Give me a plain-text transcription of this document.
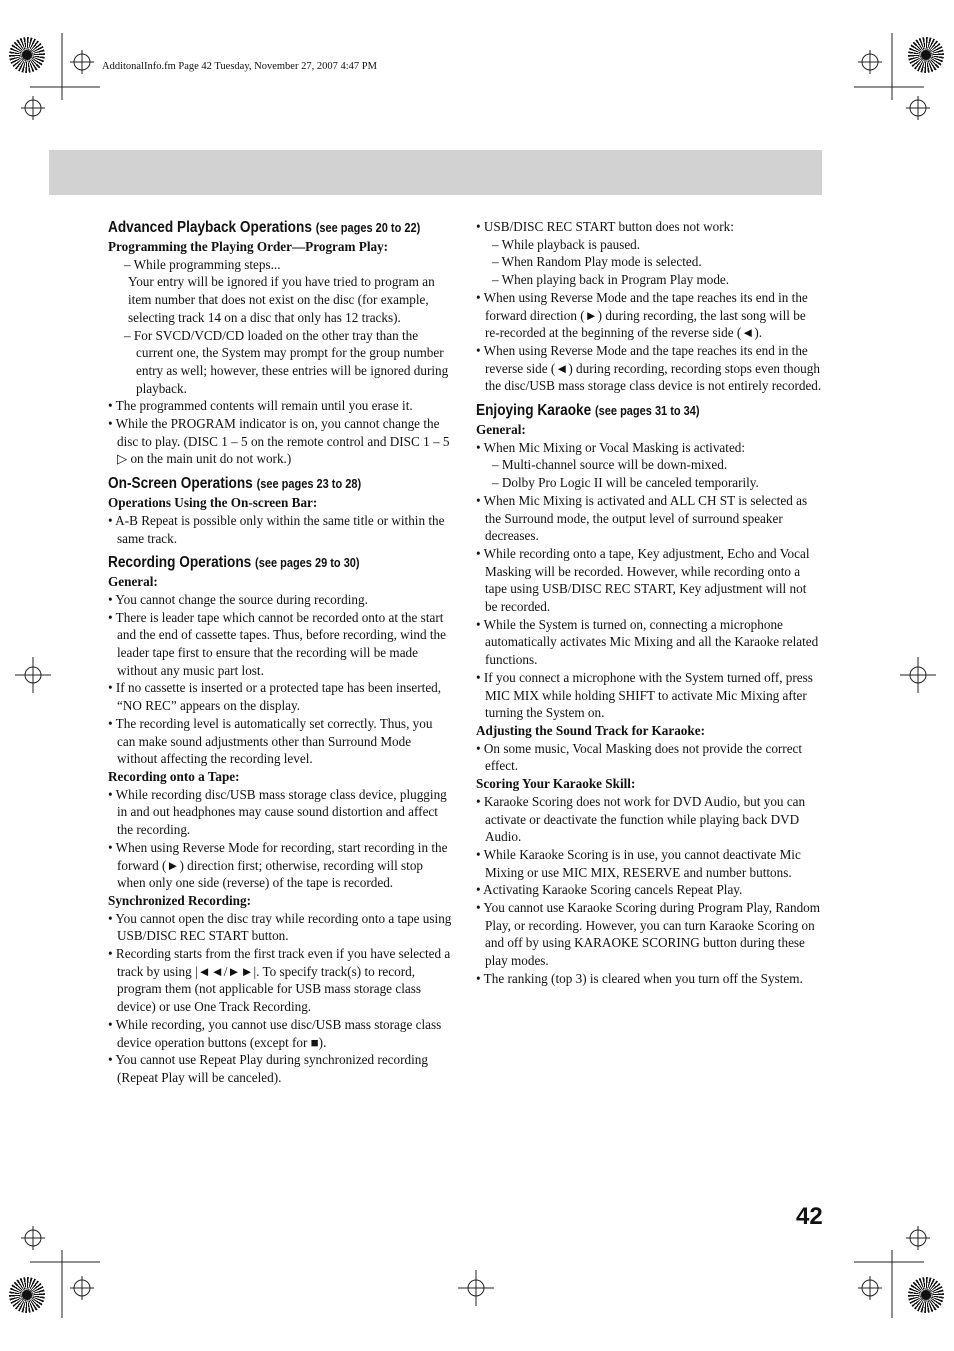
AdditonalInfo.fm Page 42 Tuesday, November 27, 2007 4:47 PM
Advanced Playback Operations (see pages 20 to 22)
Programming the Playing Order—Program Play:
– While programming steps...
Your entry will be ignored if you have tried to program an item number that does not exist on the disc (for example, selecting track 14 on a disc that only has 12 tracks).
– For SVCD/VCD/CD loaded on the other tray than the current one, the System may prompt for the group number entry as well; however, these entries will be ignored during playback.
• The programmed contents will remain until you erase it.
• While the PROGRAM indicator is on, you cannot change the disc to play. (DISC 1 – 5 on the remote control and DISC 1 – 5 ▷ on the main unit do not work.)
On-Screen Operations (see pages 23 to 28)
Operations Using the On-screen Bar:
• A-B Repeat is possible only within the same title or within the same track.
Recording Operations (see pages 29 to 30)
General:
• You cannot change the source during recording.
• There is leader tape which cannot be recorded onto at the start and the end of cassette tapes. Thus, before recording, wind the leader tape first to ensure that the recording will be made without any music part lost.
• If no cassette is inserted or a protected tape has been inserted, “NO REC” appears on the display.
• The recording level is automatically set correctly. Thus, you can make sound adjustments other than Surround Mode without affecting the recording level.
Recording onto a Tape:
• While recording disc/USB mass storage class device, plugging in and out headphones may cause sound distortion and affect the recording.
• When using Reverse Mode for recording, start recording in the forward (►) direction first; otherwise, recording will stop when only one side (reverse) of the tape is recorded.
Synchronized Recording:
• You cannot open the disc tray while recording onto a tape using USB/DISC REC START button.
• Recording starts from the first track even if you have selected a track by using |◄◄/►►|. To specify track(s) to record, program them (not applicable for USB mass storage class device) or use One Track Recording.
• While recording, you cannot use disc/USB mass storage class device operation buttons (except for ■).
• You cannot use Repeat Play during synchronized recording (Repeat Play will be canceled).
• USB/DISC REC START button does not work:
– While playback is paused.
– When Random Play mode is selected.
– When playing back in Program Play mode.
• When using Reverse Mode and the tape reaches its end in the forward direction (►) during recording, the last song will be re-recorded at the beginning of the reverse side (◄).
• When using Reverse Mode and the tape reaches its end in the reverse side (◄) during recording, recording stops even though the disc/USB mass storage class device is not entirely recorded.
Enjoying Karaoke (see pages 31 to 34)
General:
• When Mic Mixing or Vocal Masking is activated:
– Multi-channel source will be down-mixed.
– Dolby Pro Logic II will be canceled temporarily.
• When Mic Mixing is activated and ALL CH ST is selected as the Surround mode, the output level of surround speaker decreases.
• While recording onto a tape, Key adjustment, Echo and Vocal Masking will be recorded. However, while recording onto a tape using USB/DISC REC START, Key adjustment will not be recorded.
• While the System is turned on, connecting a microphone automatically activates Mic Mixing and all the Karaoke related functions.
• If you connect a microphone with the System turned off, press MIC MIX while holding SHIFT to activate Mic Mixing after turning the System on.
Adjusting the Sound Track for Karaoke:
• On some music, Vocal Masking does not provide the correct effect.
Scoring Your Karaoke Skill:
• Karaoke Scoring does not work for DVD Audio, but you can activate or deactivate the function while playing back DVD Audio.
• While Karaoke Scoring is in use, you cannot deactivate Mic Mixing or use MIC MIX, RESERVE and number buttons.
• Activating Karaoke Scoring cancels Repeat Play.
• You cannot use Karaoke Scoring during Program Play, Random Play, or recording. However, you can turn Karaoke Scoring on and off by using KARAOKE SCORING button during these play modes.
• The ranking (top 3) is cleared when you turn off the System.
42
